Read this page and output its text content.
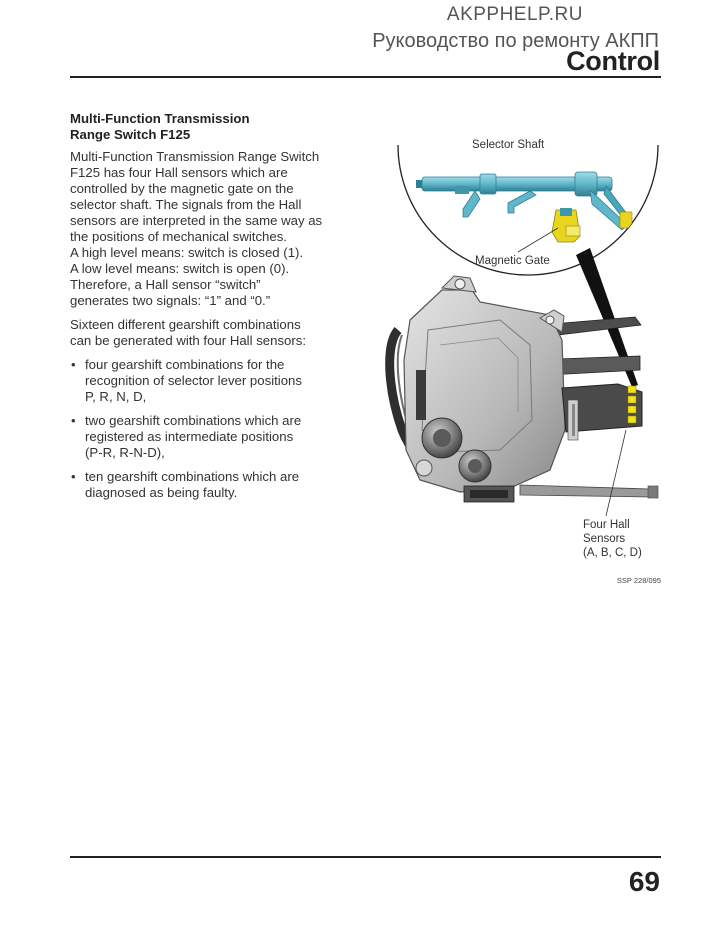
AKPPHELP.RU
Руководство по ремонту АКПП
Control
Multi-Function Transmission
Range Switch F125

Multi-Function Transmission Range Switch
F125 has four Hall sensors which are
controlled by the magnetic gate on the
selector shaft. The signals from the Hall
sensors are interpreted in the same way as
the positions of mechanical switches.
A high level means: switch is closed (1).
A low level means: switch is open (0).
Therefore, a Hall sensor “switch”
generates two signals: “1” and “0.”

Sixteen different gearshift combinations
can be generated with four Hall sensors:

• four gearshift combinations for the
recognition of selector lever positions
P, R, N, D,
• two gearshift combinations which are
registered as intermediate positions
(P-R, R-N-D),
• ten gearshift combinations which are
diagnosed as being faulty.
Selector Shaft
Magnetic Gate
Four Hall
Sensors
(A, B, C, D)
SSP 228/095
69
